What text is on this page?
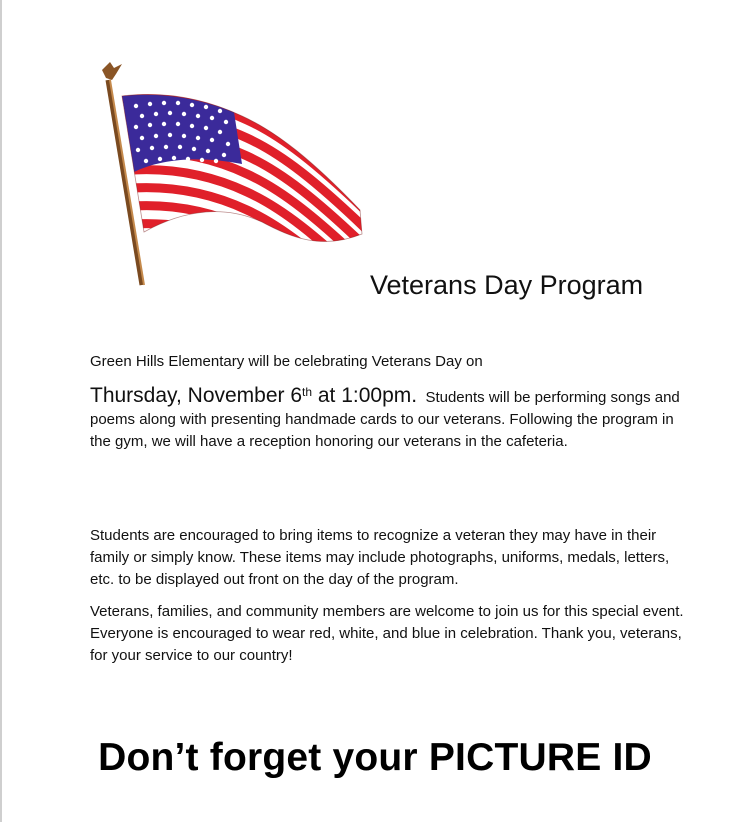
Veterans Day Program
Green Hills Elementary will be celebrating Veterans Day on
Thursday, November 6th at 1:00pm. Students will be performing songs and poems along with presenting handmade cards to our veterans. Following the program in the gym, we will have a reception honoring our veterans in the cafeteria.
Students are encouraged to bring items to recognize a veteran they may have in their family or simply know. These items may include photographs, uniforms, medals, letters, etc. to be displayed out front on the day of the program.
Veterans, families, and community members are welcome to join us for this special event. Everyone is encouraged to wear red, white, and blue in celebration. Thank you, veterans, for your service to our country!
Don’t forget your PICTURE ID
